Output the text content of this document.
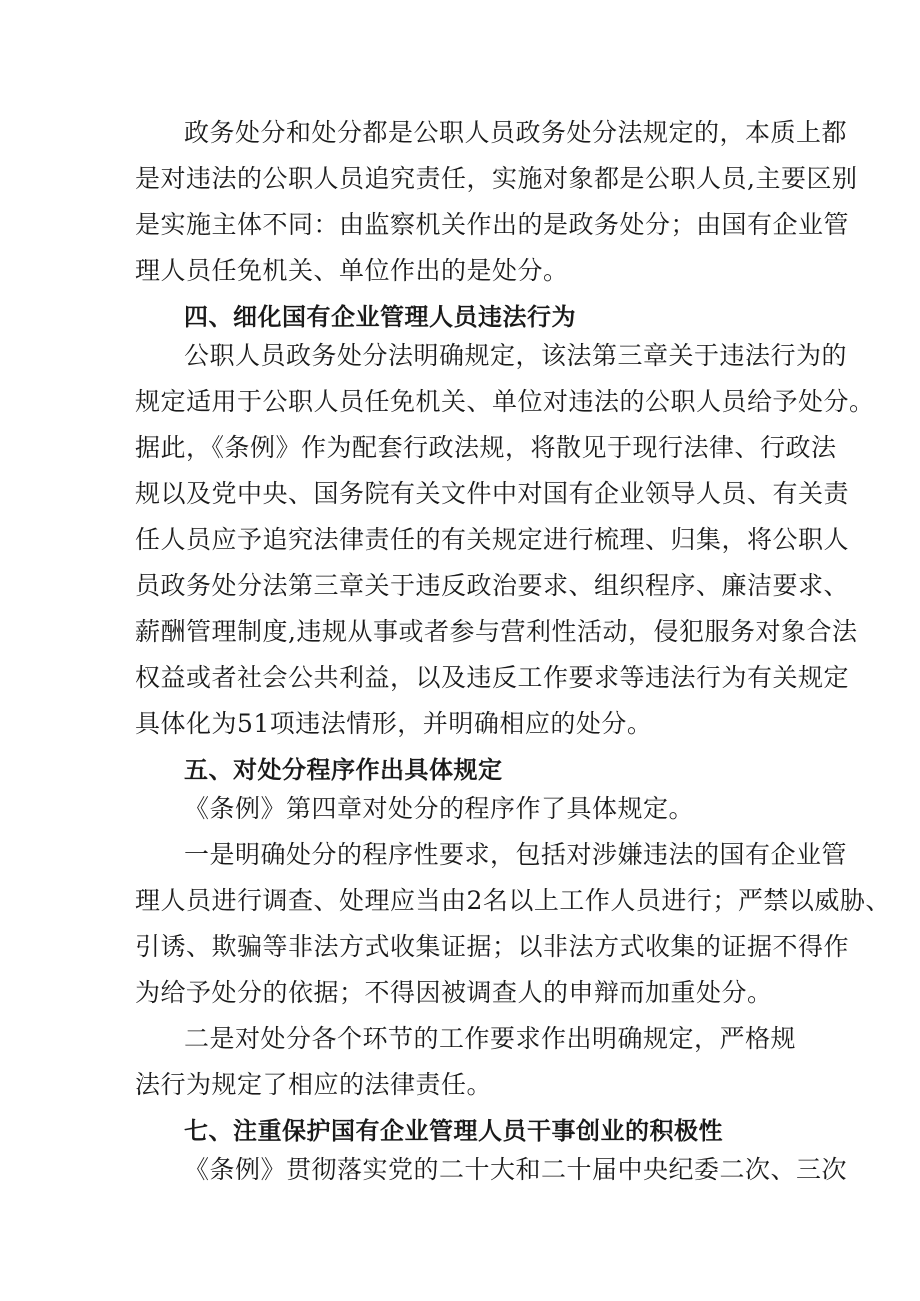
政务处分和处分都是公职人员政务处分法规定的，本质上都
是对违法的公职人员追究责任，实施对象都是公职人员,主要区别
是实施主体不同：由监察机关作出的是政务处分；由国有企业管
理人员任免机关、单位作出的是处分。
四、细化国有企业管理人员违法行为
公职人员政务处分法明确规定，该法第三章关于违法行为的
规定适用于公职人员任免机关、单位对违法的公职人员给予处分。
据此，《条例》作为配套行政法规，将散见于现行法律、行政法
规以及党中央、国务院有关文件中对国有企业领导人员、有关责
任人员应予追究法律责任的有关规定进行梳理、归集，将公职人
员政务处分法第三章关于违反政治要求、组织程序、廉洁要求、
薪酬管理制度,违规从事或者参与营利性活动，侵犯服务对象合法
权益或者社会公共利益，以及违反工作要求等违法行为有关规定
具体化为51项违法情形，并明确相应的处分。
五、对处分程序作出具体规定
《条例》第四章对处分的程序作了具体规定。
一是明确处分的程序性要求，包括对涉嫌违法的国有企业管
理人员进行调查、处理应当由2名以上工作人员进行；严禁以威胁、
引诱、欺骗等非法方式收集证据；以非法方式收集的证据不得作
为给予处分的依据；不得因被调查人的申辩而加重处分。
二是对处分各个环节的工作要求作出明确规定，严格规
法行为规定了相应的法律责任。
七、注重保护国有企业管理人员干事创业的积极性
《条例》贯彻落实党的二十大和二十届中央纪委二次、三次
